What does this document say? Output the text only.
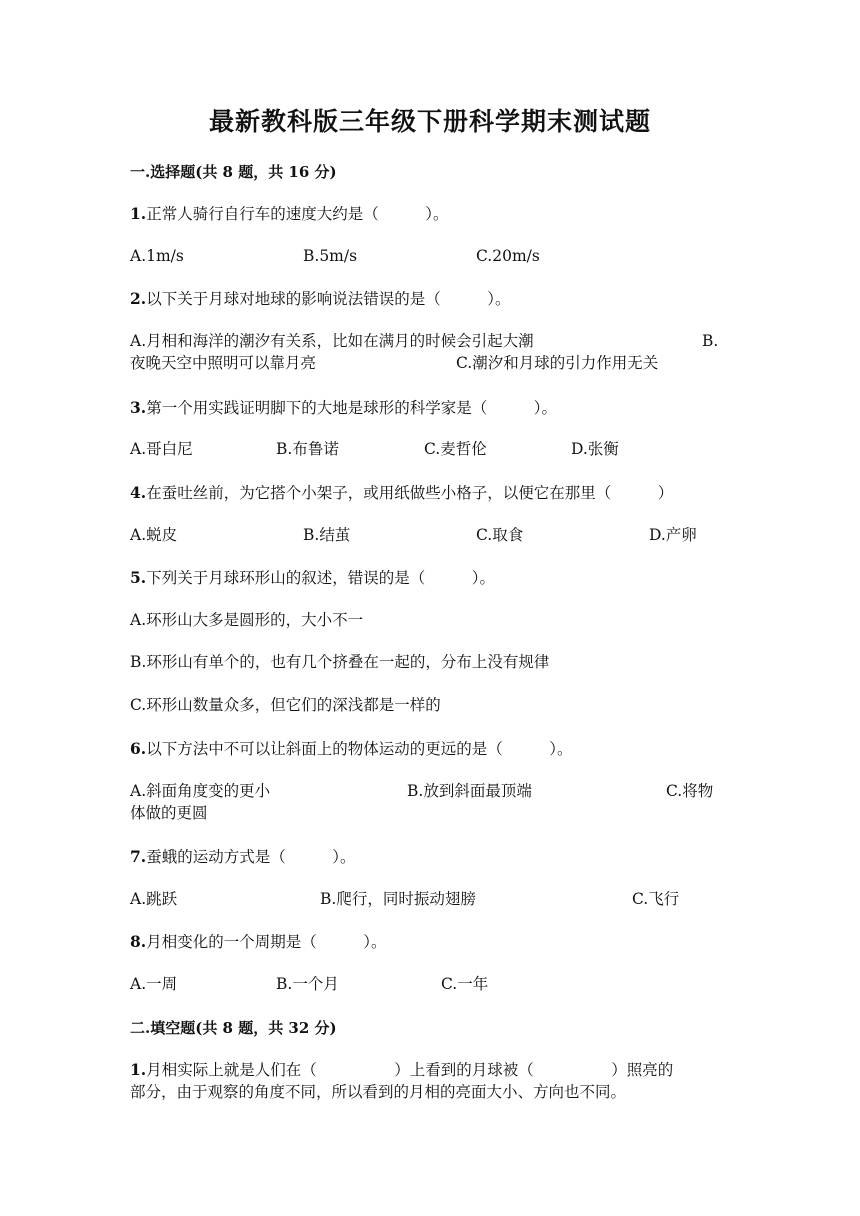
最新教科版三年级下册科学期末测试题
一.选择题(共 8 题，共 16 分)
1.正常人骑行自行车的速度大约是（　　　）。
A.1m/s	B.5m/s	C.20m/s
2.以下关于月球对地球的影响说法错误的是（　　　）。
A.月相和海洋的潮汐有关系，比如在满月的时候会引起大潮	B.
夜晚天空中照明可以靠月亮	C.潮汐和月球的引力作用无关
3.第一个用实践证明脚下的大地是球形的科学家是（　　　）。
A.哥白尼	B.布鲁诺	C.麦哲伦	D.张衡
4.在蚕吐丝前，为它搭个小架子，或用纸做些小格子，以便它在那里（　　　）
A.蜕皮	B.结茧	C.取食	D.产卵
5.下列关于月球环形山的叙述，错误的是（　　　）。
A.环形山大多是圆形的，大小不一
B.环形山有单个的，也有几个挤叠在一起的，分布上没有规律
C.环形山数量众多，但它们的深浅都是一样的
6.以下方法中不可以让斜面上的物体运动的更远的是（　　　）。
A.斜面角度变的更小	B.放到斜面最顶端	C.将物
体做的更圆
7.蚕蛾的运动方式是（　　　）。
A.跳跃	B.爬行，同时振动翅膀	C.飞行
8.月相变化的一个周期是（　　　）。
A.一周	B.一个月	C.一年
二.填空题(共 8 题，共 32 分)
1.月相实际上就是人们在（　　　　　）上看到的月球被（　　　　　）照亮的
部分，由于观察的角度不同，所以看到的月相的亮面大小、方向也不同。
